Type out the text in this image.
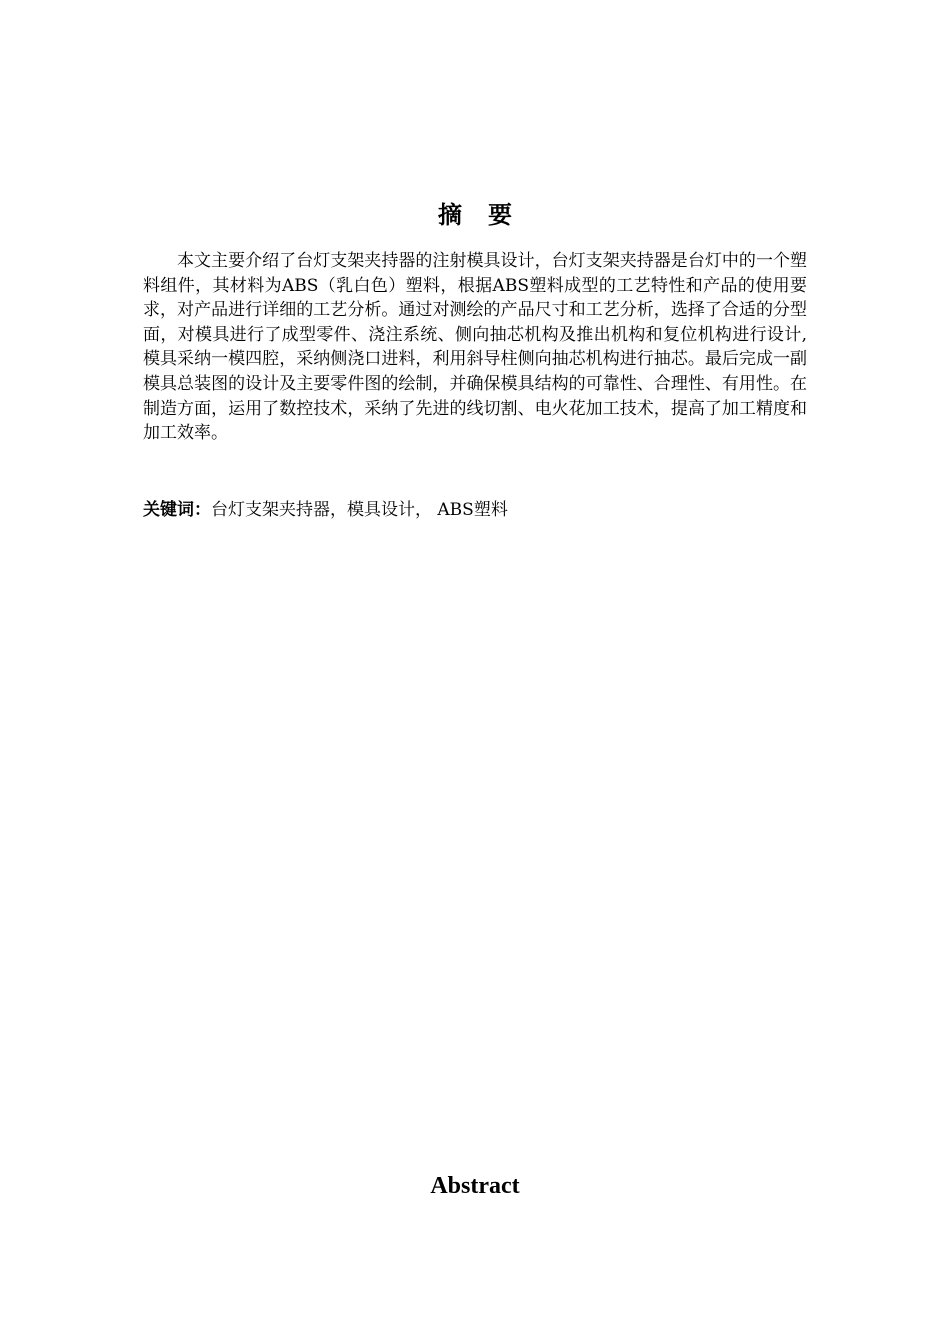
摘 要

本文主要介绍了台灯支架夹持器的注射模具设计，台灯支架夹持器是台灯中的一个塑料组件，其材料为ABS（乳白色）塑料，根据ABS塑料成型的工艺特性和产品的使用要求，对产品进行详细的工艺分析。通过对测绘的产品尺寸和工艺分析，选择了合适的分型面，对模具进行了成型零件、浇注系统、侧向抽芯机构及推出机构和复位机构进行设计,模具采纳一模四腔，采纳侧浇口进料，利用斜导柱侧向抽芯机构进行抽芯。最后完成一副模具总装图的设计及主要零件图的绘制，并确保模具结构的可靠性、合理性、有用性。在制造方面，运用了数控技术，采纳了先进的线切割、电火花加工技术，提高了加工精度和加工效率。

关键词：台灯支架夹持器，模具设计， ABS塑料

Abstract
